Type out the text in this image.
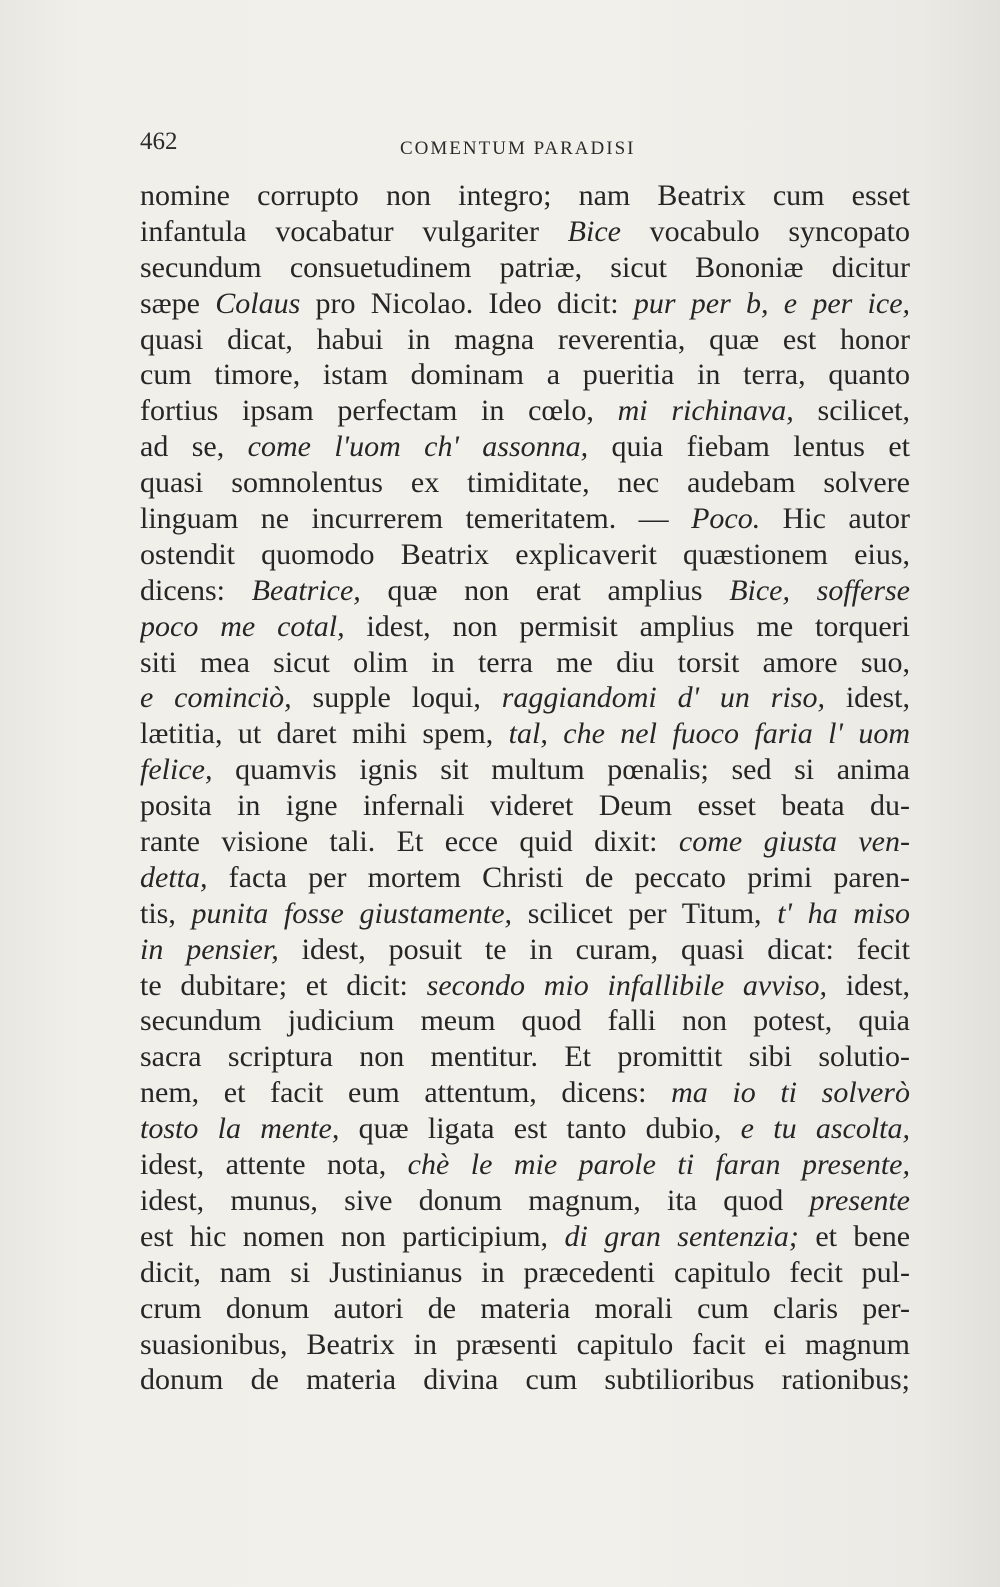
462	COMENTUM PARADISI
nomine corrupto non integro; nam Beatrix cum esset
infantula vocabatur vulgariter Bice vocabulo syncopato
secundum consuetudinem patriæ, sicut Bononiæ dicitur
sæpe Colaus pro Nicolao. Ideo dicit: pur per b, e per ice,
quasi dicat, habui in magna reverentia, quæ est honor
cum timore, istam dominam a pueritia in terra, quanto
fortius ipsam perfectam in cœlo, mi richinava, scilicet,
ad se, come l'uom ch' assonna, quia fiebam lentus et
quasi somnolentus ex timiditate, nec audebam solvere
linguam ne incurrerem temeritatem. — Poco. Hic autor
ostendit quomodo Beatrix explicaverit quæstionem eius,
dicens: Beatrice, quæ non erat amplius Bice, sofferse
poco me cotal, idest, non permisit amplius me torqueri
siti mea sicut olim in terra me diu torsit amore suo,
e cominciò, supple loqui, raggiandomi d' un riso, idest,
lætitia, ut daret mihi spem, tal, che nel fuoco faria l' uom
felice, quamvis ignis sit multum pœnalis; sed si anima
posita in igne infernali videret Deum esset beata du-
rante visione tali. Et ecce quid dixit: come giusta ven-
detta, facta per mortem Christi de peccato primi paren-
tis, punita fosse giustamente, scilicet per Titum, t' ha miso
in pensier, idest, posuit te in curam, quasi dicat: fecit
te dubitare; et dicit: secondo mio infallibile avviso, idest,
secundum judicium meum quod falli non potest, quia
sacra scriptura non mentitur. Et promittit sibi solutio-
nem, et facit eum attentum, dicens: ma io ti solverò
tosto la mente, quæ ligata est tanto dubio, e tu ascolta,
idest, attente nota, chè le mie parole ti faran presente,
idest, munus, sive donum magnum, ita quod presente
est hic nomen non participium, di gran sentenzia; et bene
dicit, nam si Justinianus in præcedenti capitulo fecit pul-
crum donum autori de materia morali cum claris per-
suasionibus, Beatrix in præsenti capitulo facit ei magnum
donum de materia divina cum subtilioribus rationibus;
